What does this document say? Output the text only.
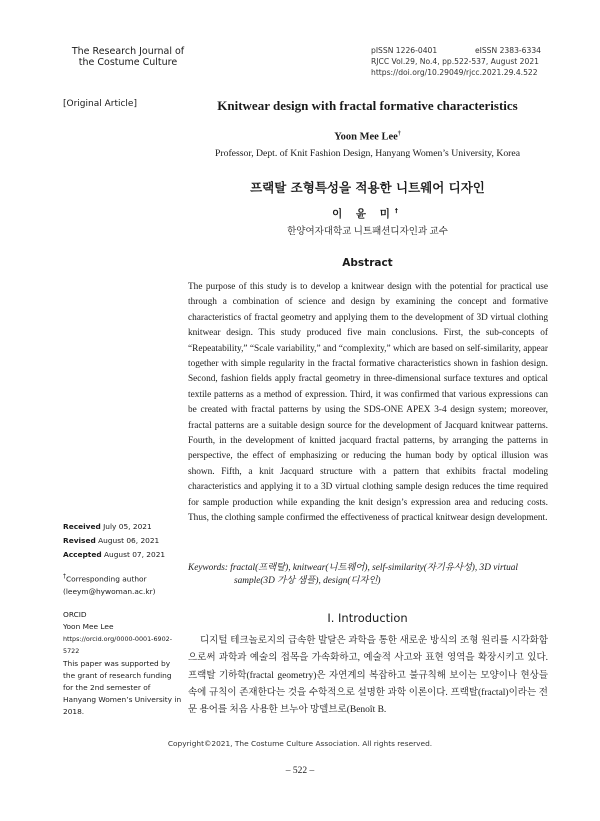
The Research Journal of
the Costume Culture
pISSN 1226-0401	eISSN 2383-6334
RJCC Vol.29, No.4, pp.522-537, August 2021
https://doi.org/10.29049/rjcc.2021.29.4.522
[Original Article]	Knitwear design with fractal formative characteristics
Yoon Mee Lee†
Professor, Dept. of Knit Fashion Design, Hanyang Women’s University, Korea
프랙탈 조형특성을 적용한 니트웨어 디자인
이 윤 미†
한양여자대학교 니트패션디자인과 교수
Abstract
The purpose of this study is to develop a knitwear design with the potential for practical use through a combination of science and design by examining the concept and formative characteristics of fractal geometry and applying them to the development of 3D virtual clothing knitwear design. This study produced five main conclusions. First, the sub-concepts of “Repeatability,” “Scale variability,” and “complexity,” which are based on self-similarity, appear together with simple regularity in the fractal formative characteristics shown in fashion design. Second, fashion fields apply fractal geometry in three-dimensional surface textures and optical textile patterns as a method of expression. Third, it was confirmed that various expressions can be created with fractal patterns by using the SDS-ONE APEX 3-4 design system; moreover, fractal patterns are a suitable design source for the development of Jacquard knitwear patterns. Fourth, in the development of knitted jacquard fractal patterns, by arranging the patterns in perspective, the effect of emphasizing or reducing the human body by optical illusion was shown. Fifth, a knit Jacquard structure with a pattern that exhibits fractal modeling characteristics and applying it to a 3D virtual clothing sample design reduces the time required for sample production while expanding the knit design’s expression area and reducing costs. Thus, the clothing sample confirmed the effectiveness of practical knitwear design development.
Keywords: fractal(프랙탈), knitwear(니트웨어), self-similarity(자기유사성), 3D virtual
sample(3D 가상 샘플), design(디자인)
Received July 05, 2021
Revised August 06, 2021
Accepted August 07, 2021
†Corresponding author
(leeym@hywoman.ac.kr)
ORCID
Yoon Mee Lee
https://orcid.org/0000-0001-6902-5722
This paper was supported by the grant of research funding for the 2nd semester of Hanyang Women’s University in 2018.
I. Introduction

디지털 테크놀로지의 급속한 발달은 과학을 통한 새로운 방식의 조형 원리를 시각화함으로써 과학과 예술의 접목을 가속화하고, 예술적 사고와 표현 영역을 확장시키고 있다. 프랙탈 기하학(fractal geometry)은 자연계의 복잡하고 불규칙해 보이는 모양이나 현상들 속에 규칙이 존재한다는 것을 수학적으로 설명한 과학 이론이다. 프랙탈(fractal)이라는 전문 용어를 처음 사용한 브누아 망델브로(Benoît B.

Copyright©2021, The Costume Culture Association. All rights reserved.
– 522 –
